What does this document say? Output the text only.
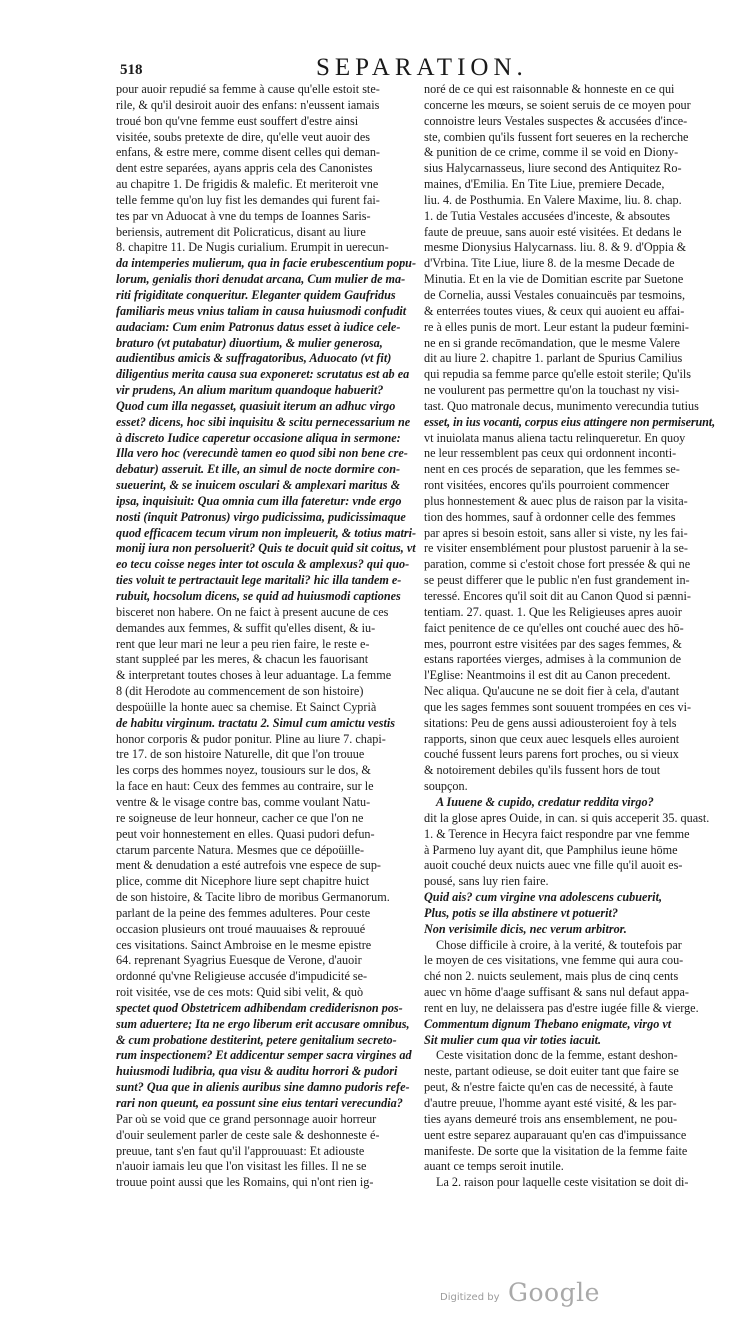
518	SEPARATION.
pour auoir repudié sa femme à cause qu'elle estoit ste-
rile, & qu'il desiroit auoir des enfans: n'eussent iamais
troué bon qu'vne femme eust souffert d'estre ainsi
visitée, soubs pretexte de dire, qu'elle veut auoir des
enfans, & estre mere, comme disent celles qui deman-
dent estre separées, ayans appris cela des Canonistes
au chapitre 1. De frigidis & malefic. Et meriteroit vne
telle femme qu'on luy fist les demandes qui furent fai-
tes par vn Aduocat à vne du temps de Ioannes Saris-
beriensis, autrement dit Policraticus, disant au liure
8. chapitre 11. De Nugis curialium. Erumpit in uerecun-
da intemperies mulierum, qua in facie erubescentium popu-
lorum, genialis thori denudat arcana, Cum mulier de ma-
riti frigiditate conqueritur. Eleganter quidem Gaufridus
familiaris meus vnius taliam in causa huiusmodi confudit
audaciam: Cum enim Patronus datus esset à iudice cele-
braturo (vt putabatur) diuortium, & mulier generosa,
audientibus amicis & suffragatoribus, Aduocato (vt fit)
diligentius merita causa sua exponeret: scrutatus est ab ea
vir prudens, An alium maritum quandoque habuerit?
Quod cum illa negasset, quasiuit iterum an adhuc virgo
esset? dicens, hoc sibi inquisitu & scitu pernecessarium ne
à discreto Iudice caperetur occasione aliqua in sermone:
Illa vero hoc (verecundè tamen eo quod sibi non bene cre-
debatur) asseruit. Et ille, an simul de nocte dormire con-
sueuerint, & se inuicem osculari & amplexari maritus &
ipsa, inquisiuit: Qua omnia cum illa fateretur: vnde ergo
nosti (inquit Patronus) virgo pudicissima, pudicissimaque
quod efficacem tecum virum non impleuerit, & totius matri-
monij iura non persoluerit? Quis te docuit quid sit coitus, vt
eo tecu coisse neges inter tot oscula & amplexus? qui quo-
ties voluit te pertractauit lege maritali? hic illa tandem e-
rubuit, hocsolum dicens, se quid ad huiusmodi captiones
bisceret non habere. On ne faict à present aucune de ces
demandes aux femmes, & suffit qu'elles disent, & iu-
rent que leur mari ne leur a peu rien faire, le reste e-
stant suppleé par les meres, & chacun les fauorisant
& interpretant toutes choses à leur aduantage. La femme
8 (dit Herodote au commencement de son histoire)
despoüille la honte auec sa chemise. Et Sainct Cyprià
de habitu virginum. tractatu 2. Simul cum amictu vestis
honor corporis & pudor ponitur. Pline au liure 7. chapi-
tre 17. de son histoire Naturelle, dit que l'on trouue
les corps des hommes noyez, tousiours sur le dos, &
la face en haut: Ceux des femmes au contraire, sur le
ventre & le visage contre bas, comme voulant Natu-
re soigneuse de leur honneur, cacher ce que l'on ne
peut voir honnestement en elles. Quasi pudori defun-
ctarum parcente Natura. Mesmes que ce dépoüille-
ment & denudation a esté autrefois vne espece de sup-
plice, comme dit Nicephore liure sept chapitre huict
de son histoire, & Tacite libro de moribus Germanorum.
parlant de la peine des femmes adulteres. Pour ceste
occasion plusieurs ont troué mauuaises & reprouué
ces visitations. Sainct Ambroise en le mesme epistre
64. reprenant Syagrius Euesque de Verone, d'auoir
ordonné qu'vne Religieuse accusée d'impudicité se-
roit visitée, vse de ces mots: Quid sibi velit, & quò
spectet quod Obstetricem adhibendam crediderisnon pos-
sum aduertere; Ita ne ergo liberum erit accusare omnibus,
& cum probatione destiterint, petere genitalium secreto-
rum inspectionem? Et addicentur semper sacra virgines ad
huiusmodi ludibria, qua visu & auditu horrori & pudori
sunt? Qua que in alienis auribus sine damno pudoris refe-
rari non queunt, ea possunt sine eius tentari verecundia?
Par où se void que ce grand personnage auoir horreur
d'ouir seulement parler de ceste sale & deshonneste é-
preuue, tant s'en faut qu'il l'approuuast: Et adiouste
n'auoir iamais leu que l'on visitast les filles. Il ne se
trouue point aussi que les Romains, qui n'ont rien ig-
noré de ce qui est raisonnable & honneste en ce qui
concerne les mœurs, se soient seruis de ce moyen pour
connoistre leurs Vestales suspectes & accusées d'ince-
ste, combien qu'ils fussent fort seueres en la recherche
& punition de ce crime, comme il se void en Diony-
sius Halycarnasseus, liure second des Antiquitez Ro-
maines, d'Emilia. En Tite Liue, premiere Decade,
liu. 4. de Posthumia. En Valere Maxime, liu. 8. chap.
1. de Tutia Vestales accusées d'inceste, & absoutes
faute de preuue, sans auoir esté visitées. Et dedans le
mesme Dionysius Halycarnass. liu. 8. & 9. d'Oppia &
d'Vrbina. Tite Liue, liure 8. de la mesme Decade de
Minutia. Et en la vie de Domitian escrite par Suetone
de Cornelia, aussi Vestales conuaincuës par tesmoins,
& enterrées toutes viues, & ceux qui auoient eu affai-
re à elles punis de mort. Leur estant la pudeur fœmini-
ne en si grande recōmandation, que le mesme Valere
dit au liure 2. chapitre 1. parlant de Spurius Camilius
qui repudia sa femme parce qu'elle estoit sterile; Qu'ils
ne voulurent pas permettre qu'on la touchast ny visi-
tast. Quo matronale decus, munimento verecundia tutius
esset, in ius vocanti, corpus eius attingere non permiserunt,
vt inuiolata manus aliena tactu relinqueretur. En quoy
ne leur ressemblent pas ceux qui ordonnent inconti-
nent en ces procés de separation, que les femmes se-
ront visitées, encores qu'ils pourroient commencer
plus honnestement & auec plus de raison par la visita-
tion des hommes, sauf à ordonner celle des femmes
par apres si besoin estoit, sans aller si viste, ny les fai-
re visiter ensemblément pour plustost paruenir à la se-
paration, comme si c'estoit chose fort pressée & qui ne
se peust differer que le public n'en fust grandement in-
teressé. Encores qu'il soit dit au Canon Quod si pænni-
tentiam. 27. quast. 1. Que les Religieuses apres auoir
faict penitence de ce qu'elles ont couché auec des hō-
mes, pourront estre visitées par des sages femmes, &
estans raportées vierges, admises à la communion de
l'Eglise: Neantmoins il est dit au Canon precedent.
Nec aliqua. Qu'aucune ne se doit fier à cela, d'autant
que les sages femmes sont souuent trompées en ces vi-
sitations: Peu de gens aussi adiousteroient foy à tels
rapports, sinon que ceux auec lesquels elles auroient
couché fussent leurs parens fort proches, ou si vieux
& notoirement debiles qu'ils fussent hors de tout
soupçon.
A Iuuene & cupido, credatur reddita virgo?
dit la glose apres Ouide, in can. si quis acceperit 35. quast.
1. & Terence in Hecyra faict respondre par vne femme
à Parmeno luy ayant dit, que Pamphilus ieune hōme
auoit couché deux nuicts auec vne fille qu'il auoit es-
pousé, sans luy rien faire.
Quid ais? cum virgine vna adolescens cubuerit,
Plus, potis se illa abstinere vt potuerit?
Non verisimile dicis, nec verum arbitror.
Chose difficile à croire, à la verité, & toutefois par
le moyen de ces visitations, vne femme qui aura cou-
ché non 2. nuicts seulement, mais plus de cinq cents
auec vn hōme d'aage suffisant & sans nul defaut appa-
rent en luy, ne delaissera pas d'estre iugée fille & vierge.
Commentum dignum Thebano enigmate, virgo vt
Sit mulier cum qua vir toties iacuit.
Ceste visitation donc de la femme, estant deshon-
neste, partant odieuse, se doit euiter tant que faire se
peut, & n'estre faicte qu'en cas de necessité, à faute
d'autre preuue, l'homme ayant esté visité, & les par-
ties ayans demeuré trois ans ensemblement, ne pou-
uent estre separez auparauant qu'en cas d'impuissance
manifeste. De sorte que la visitation de la femme faite
auant ce temps seroit inutile.
La 2. raison pour laquelle ceste visitation se doit di-
Digitized by Google
